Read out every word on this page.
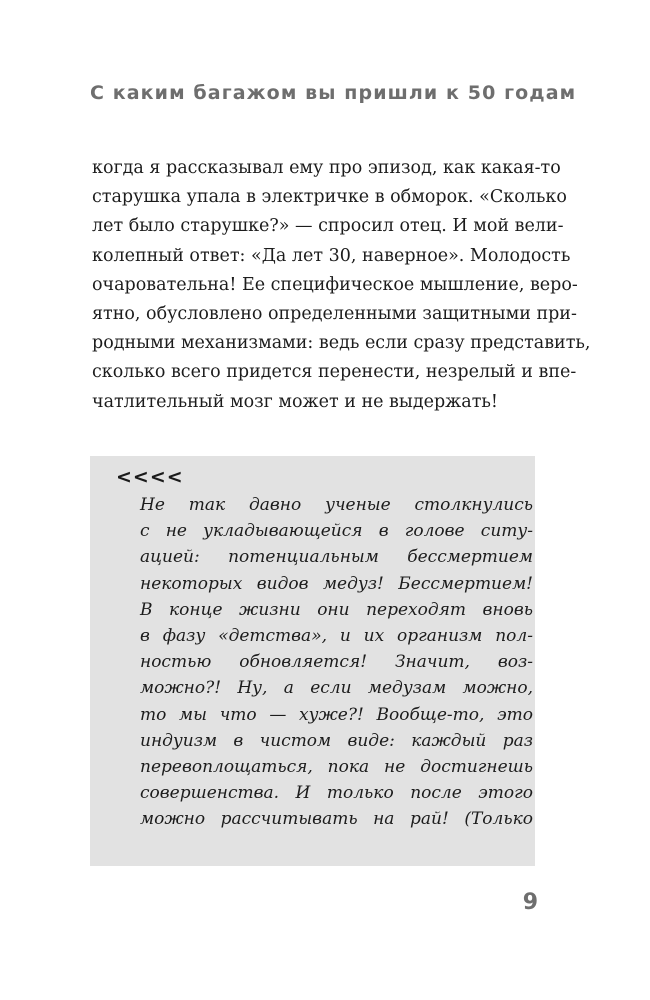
С каким багажом вы пришли к 50 годам
когда я рассказывал ему про эпизод, как какая-то
старушка упала в электричке в обморок. «Сколько
лет было старушке?» — спросил отец. И мой вели-
колепный ответ: «Да лет 30, наверное». Молодость
очаровательна! Ее специфическое мышление, веро-
ятно, обусловлено определенными защитными при-
родными механизмами: ведь если сразу представить,
сколько всего придется перенести, незрелый и впе-
чатлительный мозг может и не выдержать!
<<<<
Не так давно ученые столкнулись
с не укладывающейся в голове ситу-
ацией: потенциальным бессмертием
некоторых видов медуз! Бессмертием!
В конце жизни они переходят вновь
в фазу «детства», и их организм пол-
ностью обновляется! Значит, воз-
можно?! Ну, а если медузам можно,
то мы что — хуже?! Вообще-то, это
индуизм в чистом виде: каждый раз
перевоплощаться, пока не достигнешь
совершенства. И только после этого
можно рассчитывать на рай! (Только
9
